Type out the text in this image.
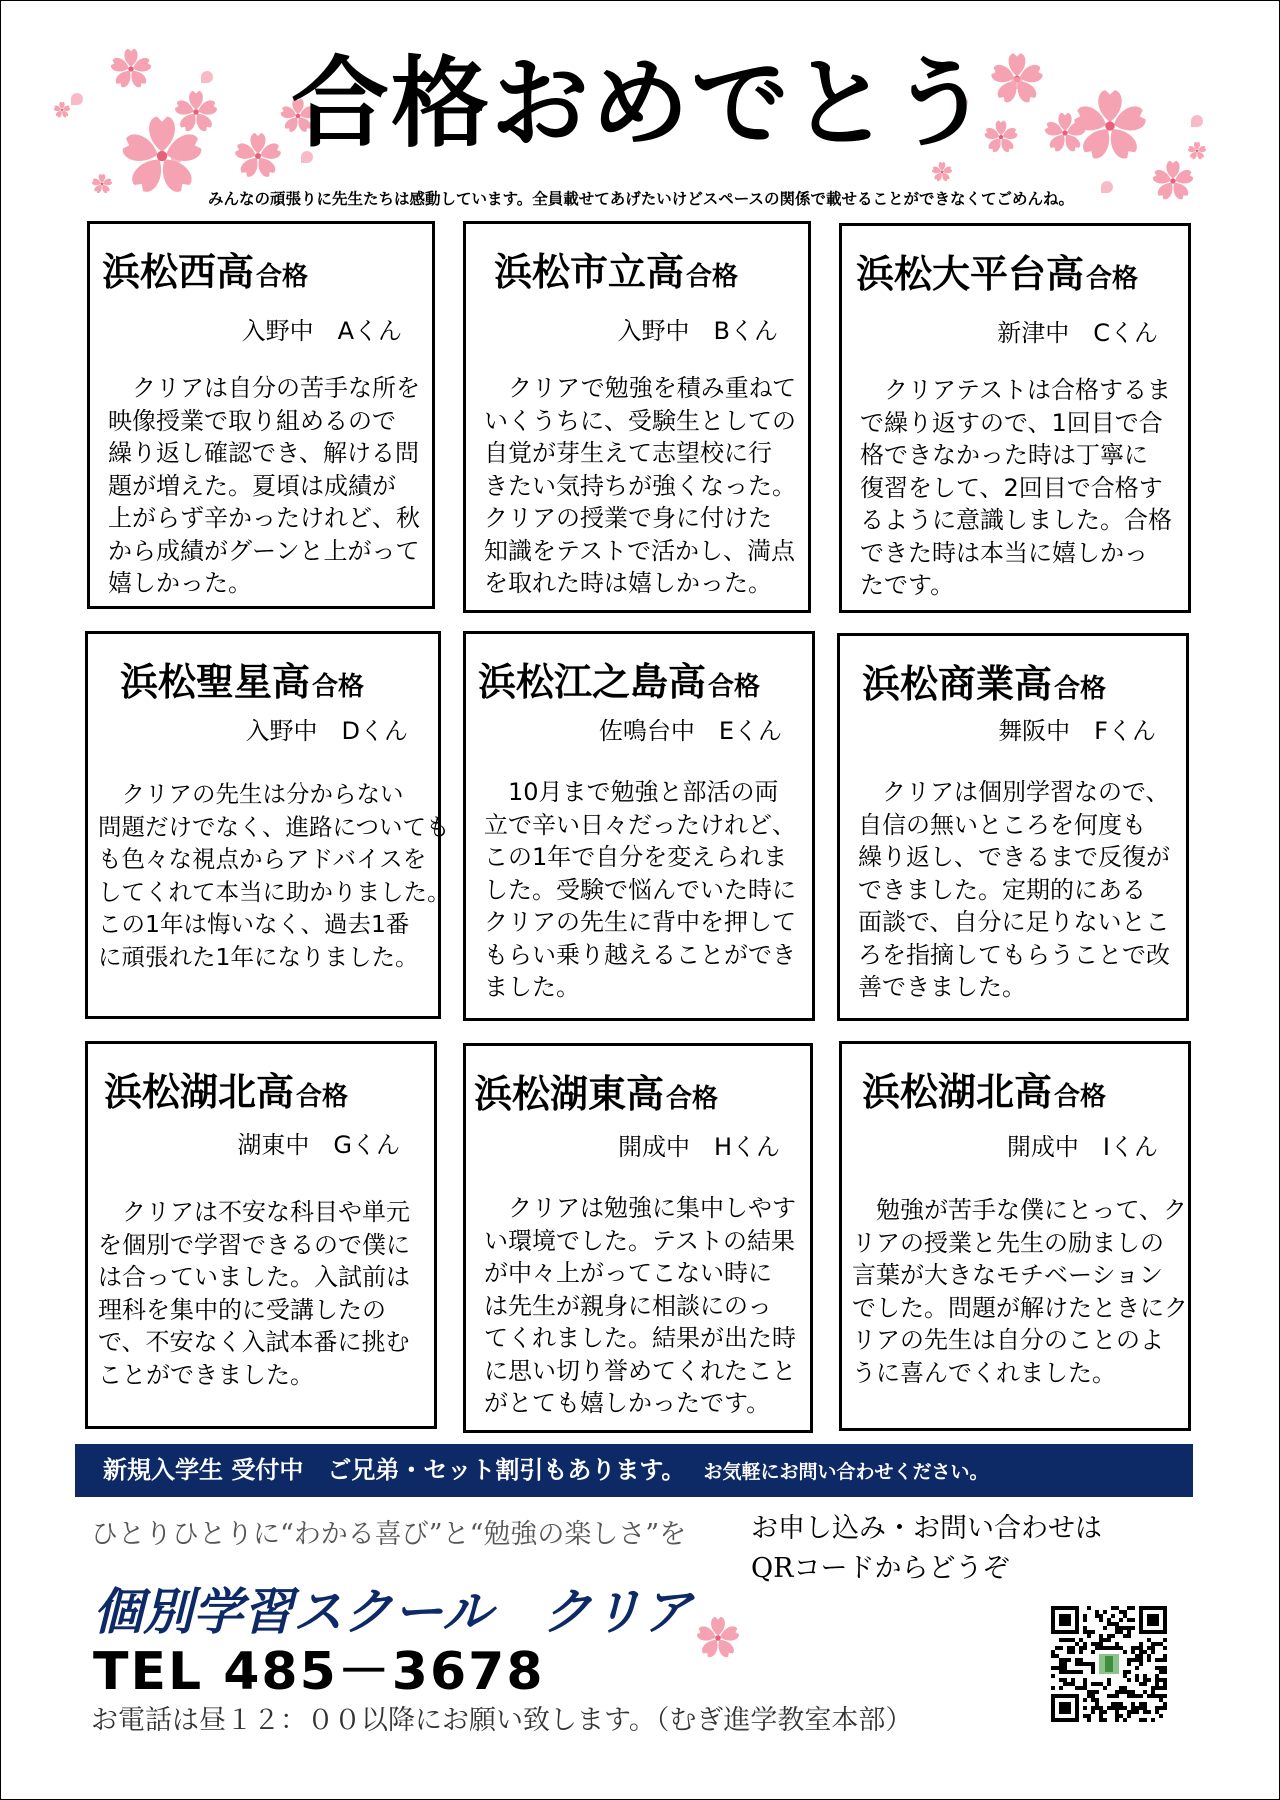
合格おめでとう
みんなの頑張りに先生たちは感動しています。全員載せてあげたいけどスペースの関係で載せることができなくてごめんね。
浜松西高合格
入野中　Aくん
　クリアは自分の苦手な所を
映像授業で取り組めるので
繰り返し確認でき、解ける問
題が増えた。夏頃は成績が
上がらず辛かったけれど、秋
から成績がグーンと上がって
嬉しかった。
浜松市立高合格
入野中　Bくん
　クリアで勉強を積み重ねて
いくうちに、受験生としての
自覚が芽生えて志望校に行
きたい気持ちが強くなった。
クリアの授業で身に付けた
知識をテストで活かし、満点
を取れた時は嬉しかった。
浜松大平台高合格
新津中　Cくん
　クリアテストは合格するま
で繰り返すので、1回目で合
格できなかった時は丁寧に
復習をして、2回目で合格す
るように意識しました。合格
できた時は本当に嬉しかっ
たです。
浜松聖星高合格
入野中　Dくん
　クリアの先生は分からない
問題だけでなく、進路についても
も色々な視点からアドバイスを
してくれて本当に助かりました。
この1年は悔いなく、過去1番
に頑張れた1年になりました。
浜松江之島高合格
佐鳴台中　Eくん
　10月まで勉強と部活の両
立で辛い日々だったけれど、
この1年で自分を変えられま
した。受験で悩んでいた時に
クリアの先生に背中を押して
もらい乗り越えることができ
ました。
浜松商業高合格
舞阪中　Fくん
　クリアは個別学習なので、
自信の無いところを何度も
繰り返し、できるまで反復が
できました。定期的にある
面談で、自分に足りないとこ
ろを指摘してもらうことで改
善できました。
浜松湖北高合格
湖東中　Gくん
　クリアは不安な科目や単元
を個別で学習できるので僕に
は合っていました。入試前は
理科を集中的に受講したの
で、不安なく入試本番に挑む
ことができました。
浜松湖東高合格
開成中　Hくん
　クリアは勉強に集中しやす
い環境でした。テストの結果
が中々上がってこない時に
は先生が親身に相談にのっ
てくれました。結果が出た時
に思い切り誉めてくれたこと
がとても嬉しかったです。
浜松湖北高合格
開成中　Iくん
　勉強が苦手な僕にとって、ク
リアの授業と先生の励ましの
言葉が大きなモチベーション
でした。問題が解けたときにク
リアの先生は自分のことのよ
うに喜んでくれました。
新規入学生 受付中　ご兄弟・セット割引もあります。 お気軽にお問い合わせください。
ひとりひとりに“わかる喜び”と“勉強の楽しさ”を
個別学習スクール　クリア
TEL 485－3678
お電話は昼１２：００以降にお願い致します。（むぎ進学教室本部）
お申し込み・お問い合わせは
QRコードからどうぞ
